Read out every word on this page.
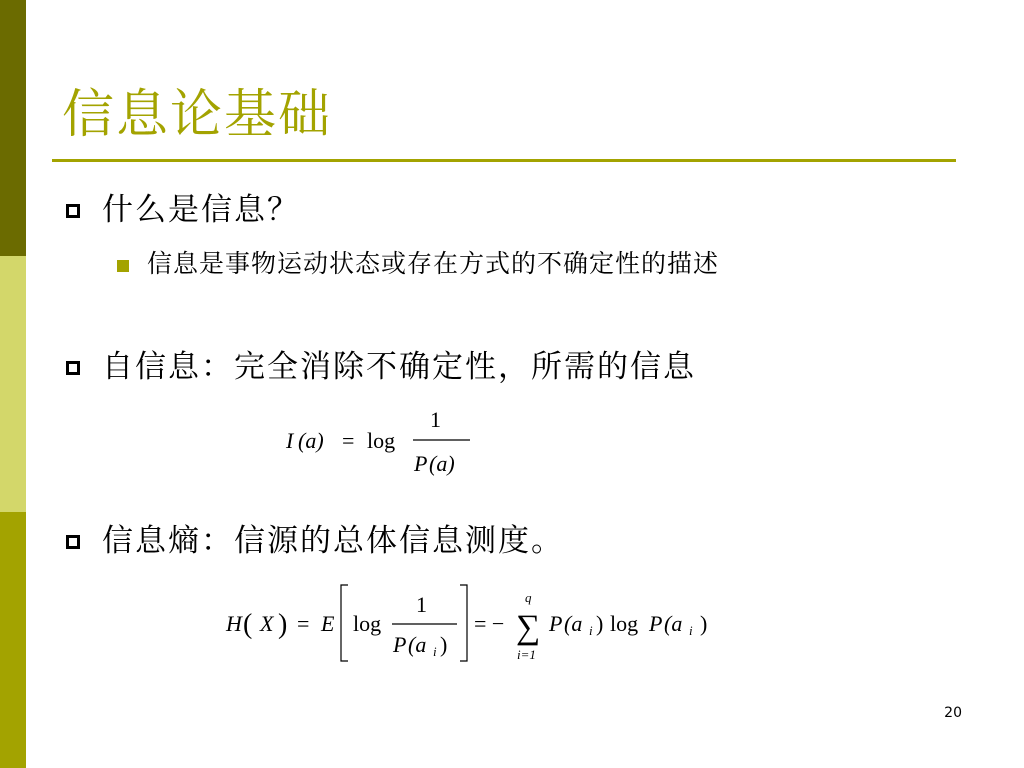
信息论基础
什么是信息？
信息是事物运动状态或存在方式的不确定性的描述
自信息：完全消除不确定性，所需的信息
I (a) = log
1
P (a)
信息熵：信源的总体信息测度。
H ( X ) = E log
1
P (a i )
= −
q
∑
i=1
P (a i ) log P (a i )
20
